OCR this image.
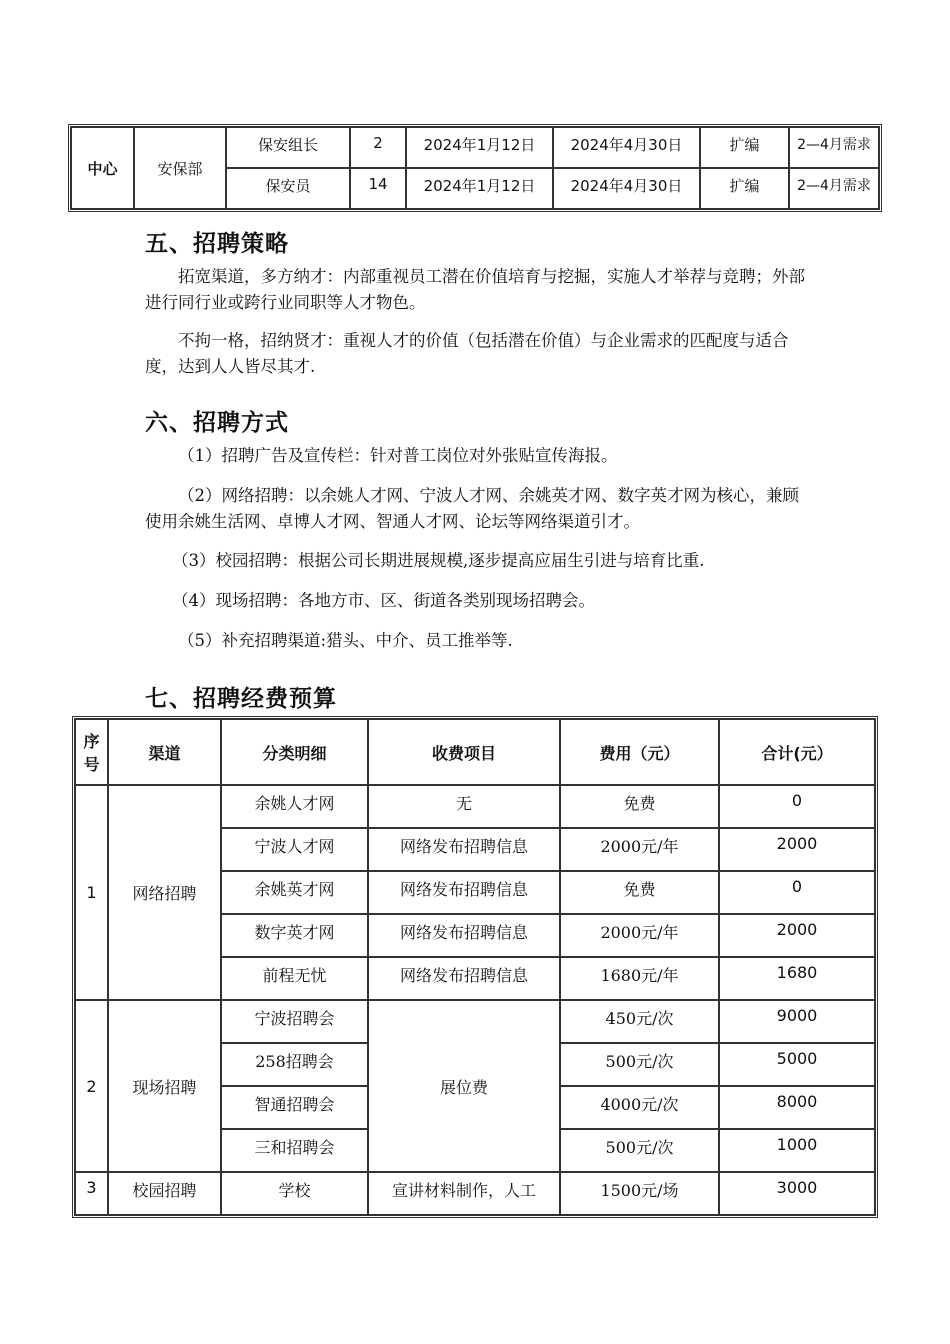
中心	安保部	保安组长	2	2024年1月12日	2024年4月30日	扩编	2—4月需求

		保安员	14	2024年1月12日	2024年4月30日	扩编	2—4月需求
五、招聘策略

拓宽渠道，多方纳才：内部重视员工潜在价值培育与挖掘，实施人才举荐与竞聘；外部进行同行业或跨行业同职等人才物色。

不拘一格，招纳贤才：重视人才的价值（包括潜在价值）与企业需求的匹配度与适合度，达到人人皆尽其才.

六、招聘方式

（1）招聘广告及宣传栏：针对普工岗位对外张贴宣传海报。

（2）网络招聘：以余姚人才网、宁波人才网、余姚英才网、数字英才网为核心，兼顾使用余姚生活网、卓博人才网、智通人才网、论坛等网络渠道引才。

（3）校园招聘：根据公司长期进展规模,逐步提高应届生引进与培育比重.

（4）现场招聘：各地方市、区、街道各类别现场招聘会。

（5）补充招聘渠道:猎头、中介、员工推举等.

七、招聘经费预算
序号	渠道	分类明细	收费项目	费用（元）	合计(元）
1	网络招聘	余姚人才网	无	免费	0

		宁波人才网	网络发布招聘信息	2000元/年	2000

		余姚英才网	网络发布招聘信息	免费	0

		数字英才网	网络发布招聘信息	2000元/年	2000

		前程无忧	网络发布招聘信息	1680元/年	1680

2	现场招聘	宁波招聘会	展位费	450元/次	9000

		258招聘会		500元/次	5000

		智通招聘会		4000元/次	8000

		三和招聘会		500元/次	1000

3	校园招聘	学校	宣讲材料制作，人工	1500元/场	3000
